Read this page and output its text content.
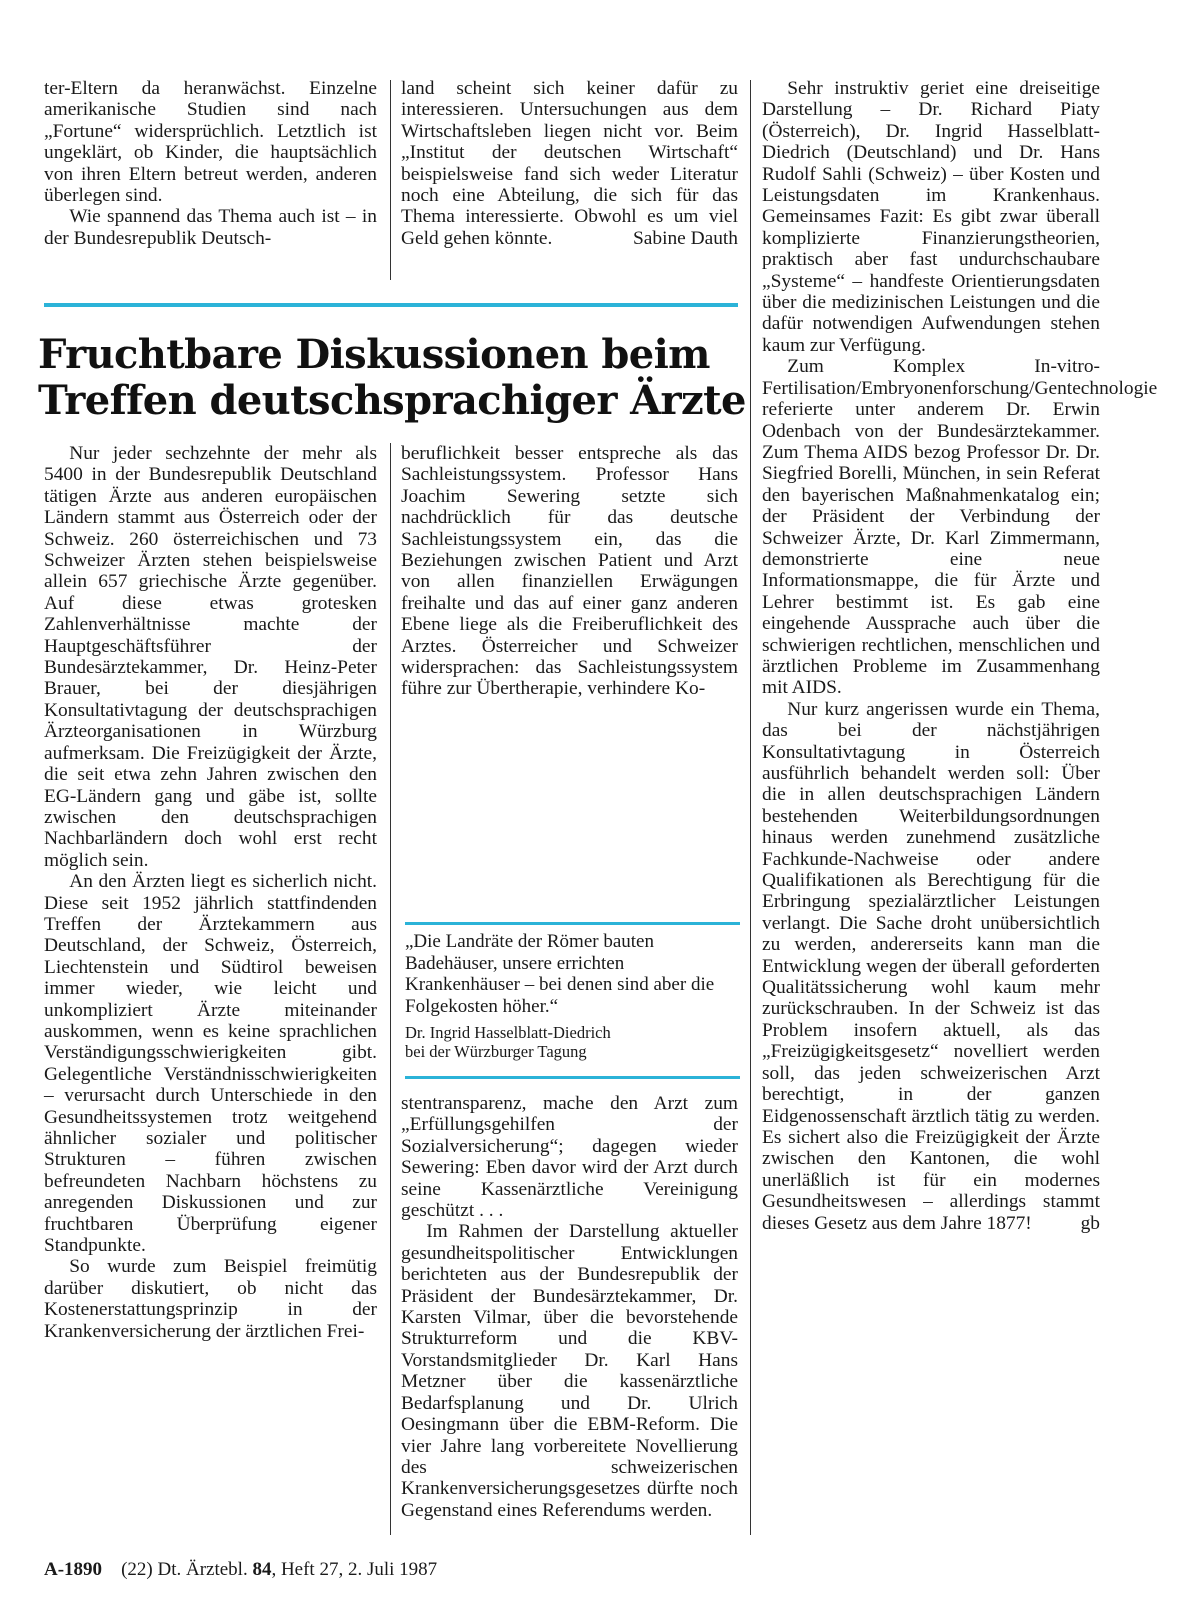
ter-Eltern da heranwächst. Einzelne amerikanische Studien sind nach „Fortune“ widersprüchlich. Letztlich ist ungeklärt, ob Kinder, die hauptsächlich von ihren Eltern betreut werden, anderen überlegen sind.

Wie spannend das Thema auch ist – in der Bundesrepublik Deutsch-

land scheint sich keiner dafür zu interessieren. Untersuchungen aus dem Wirtschaftsleben liegen nicht vor. Beim „Institut der deutschen Wirtschaft“ beispielsweise fand sich weder Literatur noch eine Abteilung, die sich für das Thema interessierte. Obwohl es um viel Geld gehen könnte.	Sabine Dauth

Fruchtbare Diskussionen beim Treffen deutschsprachiger Ärzte

Nur jeder sechzehnte der mehr als 5400 in der Bundesrepublik Deutschland tätigen Ärzte aus anderen europäischen Ländern stammt aus Österreich oder der Schweiz. 260 österreichischen und 73 Schweizer Ärzten stehen beispielsweise allein 657 griechische Ärzte gegenüber. Auf diese etwas grotesken Zahlenverhältnisse machte der Hauptgeschäftsführer der Bundesärztekammer, Dr. Heinz-Peter Brauer, bei der diesjährigen Konsultativtagung der deutschsprachigen Ärzteorganisationen in Würzburg aufmerksam. Die Freizügigkeit der Ärzte, die seit etwa zehn Jahren zwischen den EG-Ländern gang und gäbe ist, sollte zwischen den deutschsprachigen Nachbarländern doch wohl erst recht möglich sein.

An den Ärzten liegt es sicherlich nicht. Diese seit 1952 jährlich stattfindenden Treffen der Ärztekammern aus Deutschland, der Schweiz, Österreich, Liechtenstein und Südtirol beweisen immer wieder, wie leicht und unkompliziert Ärzte miteinander auskommen, wenn es keine sprachlichen Verständigungsschwierigkeiten gibt. Gelegentliche Verständnisschwierigkeiten – verursacht durch Unterschiede in den Gesundheitssystemen trotz weitgehend ähnlicher sozialer und politischer Strukturen – führen zwischen befreundeten Nachbarn höchstens zu anregenden Diskussionen und zur fruchtbaren Überprüfung eigener Standpunkte.

So wurde zum Beispiel freimütig darüber diskutiert, ob nicht das Kostenerstattungsprinzip in der Krankenversicherung der ärztlichen Frei-

beruflichkeit besser entspreche als das Sachleistungssystem. Professor Hans Joachim Sewering setzte sich nachdrücklich für das deutsche Sachleistungssystem ein, das die Beziehungen zwischen Patient und Arzt von allen finanziellen Erwägungen freihalte und das auf einer ganz anderen Ebene liege als die Freiberuflichkeit des Arztes. Österreicher und Schweizer widersprachen: das Sachleistungssystem führe zur Übertherapie, verhindere Ko-

„Die Landräte der Römer bauten Badehäuser, unsere errichten Krankenhäuser – bei denen sind aber die Folgekosten höher.“

Dr. Ingrid Hasselblatt-Diedrich
bei der Würzburger Tagung

stentransparenz, mache den Arzt zum „Erfüllungsgehilfen der Sozialversicherung“; dagegen wieder Sewering: Eben davor wird der Arzt durch seine Kassenärztliche Vereinigung geschützt . . .

Im Rahmen der Darstellung aktueller gesundheitspolitischer Entwicklungen berichteten aus der Bundesrepublik der Präsident der Bundesärztekammer, Dr. Karsten Vilmar, über die bevorstehende Strukturreform und die KBV-Vorstandsmitglieder Dr. Karl Hans Metzner über die kassenärztliche Bedarfsplanung und Dr. Ulrich Oesingmann über die EBM-Reform. Die vier Jahre lang vorbereitete Novellierung des schweizerischen Krankenversicherungsgesetzes dürfte noch Gegenstand eines Referendums werden.

Sehr instruktiv geriet eine dreiseitige Darstellung – Dr. Richard Piaty (Österreich), Dr. Ingrid Hasselblatt-Diedrich (Deutschland) und Dr. Hans Rudolf Sahli (Schweiz) – über Kosten und Leistungsdaten im Krankenhaus. Gemeinsames Fazit: Es gibt zwar überall komplizierte Finanzierungstheorien, praktisch aber fast undurchschaubare „Systeme“ – handfeste Orientierungsdaten über die medizinischen Leistungen und die dafür notwendigen Aufwendungen stehen kaum zur Verfügung.

Zum Komplex In-vitro-Fertilisation/Embryonenforschung/Gentechnologie referierte unter anderem Dr. Erwin Odenbach von der Bundesärztekammer. Zum Thema AIDS bezog Professor Dr. Dr. Siegfried Borelli, München, in sein Referat den bayerischen Maßnahmenkatalog ein; der Präsident der Verbindung der Schweizer Ärzte, Dr. Karl Zimmermann, demonstrierte eine neue Informationsmappe, die für Ärzte und Lehrer bestimmt ist. Es gab eine eingehende Aussprache auch über die schwierigen rechtlichen, menschlichen und ärztlichen Probleme im Zusammenhang mit AIDS.

Nur kurz angerissen wurde ein Thema, das bei der nächstjährigen Konsultativtagung in Österreich ausführlich behandelt werden soll: Über die in allen deutschsprachigen Ländern bestehenden Weiterbildungsordnungen hinaus werden zunehmend zusätzliche Fachkunde-Nachweise oder andere Qualifikationen als Berechtigung für die Erbringung spezialärztlicher Leistungen verlangt. Die Sache droht unübersichtlich zu werden, andererseits kann man die Entwicklung wegen der überall geforderten Qualitätssicherung wohl kaum mehr zurückschrauben. In der Schweiz ist das Problem insofern aktuell, als das „Freizügigkeitsgesetz“ novelliert werden soll, das jeden schweizerischen Arzt berechtigt, in der ganzen Eidgenossenschaft ärztlich tätig zu werden. Es sichert also die Freizügigkeit der Ärzte zwischen den Kantonen, die wohl unerläßlich ist für ein modernes Gesundheitswesen – allerdings stammt dieses Gesetz aus dem Jahre 1877!	gb

A-1890 (22) Dt. Ärztebl. 84, Heft 27, 2. Juli 1987
